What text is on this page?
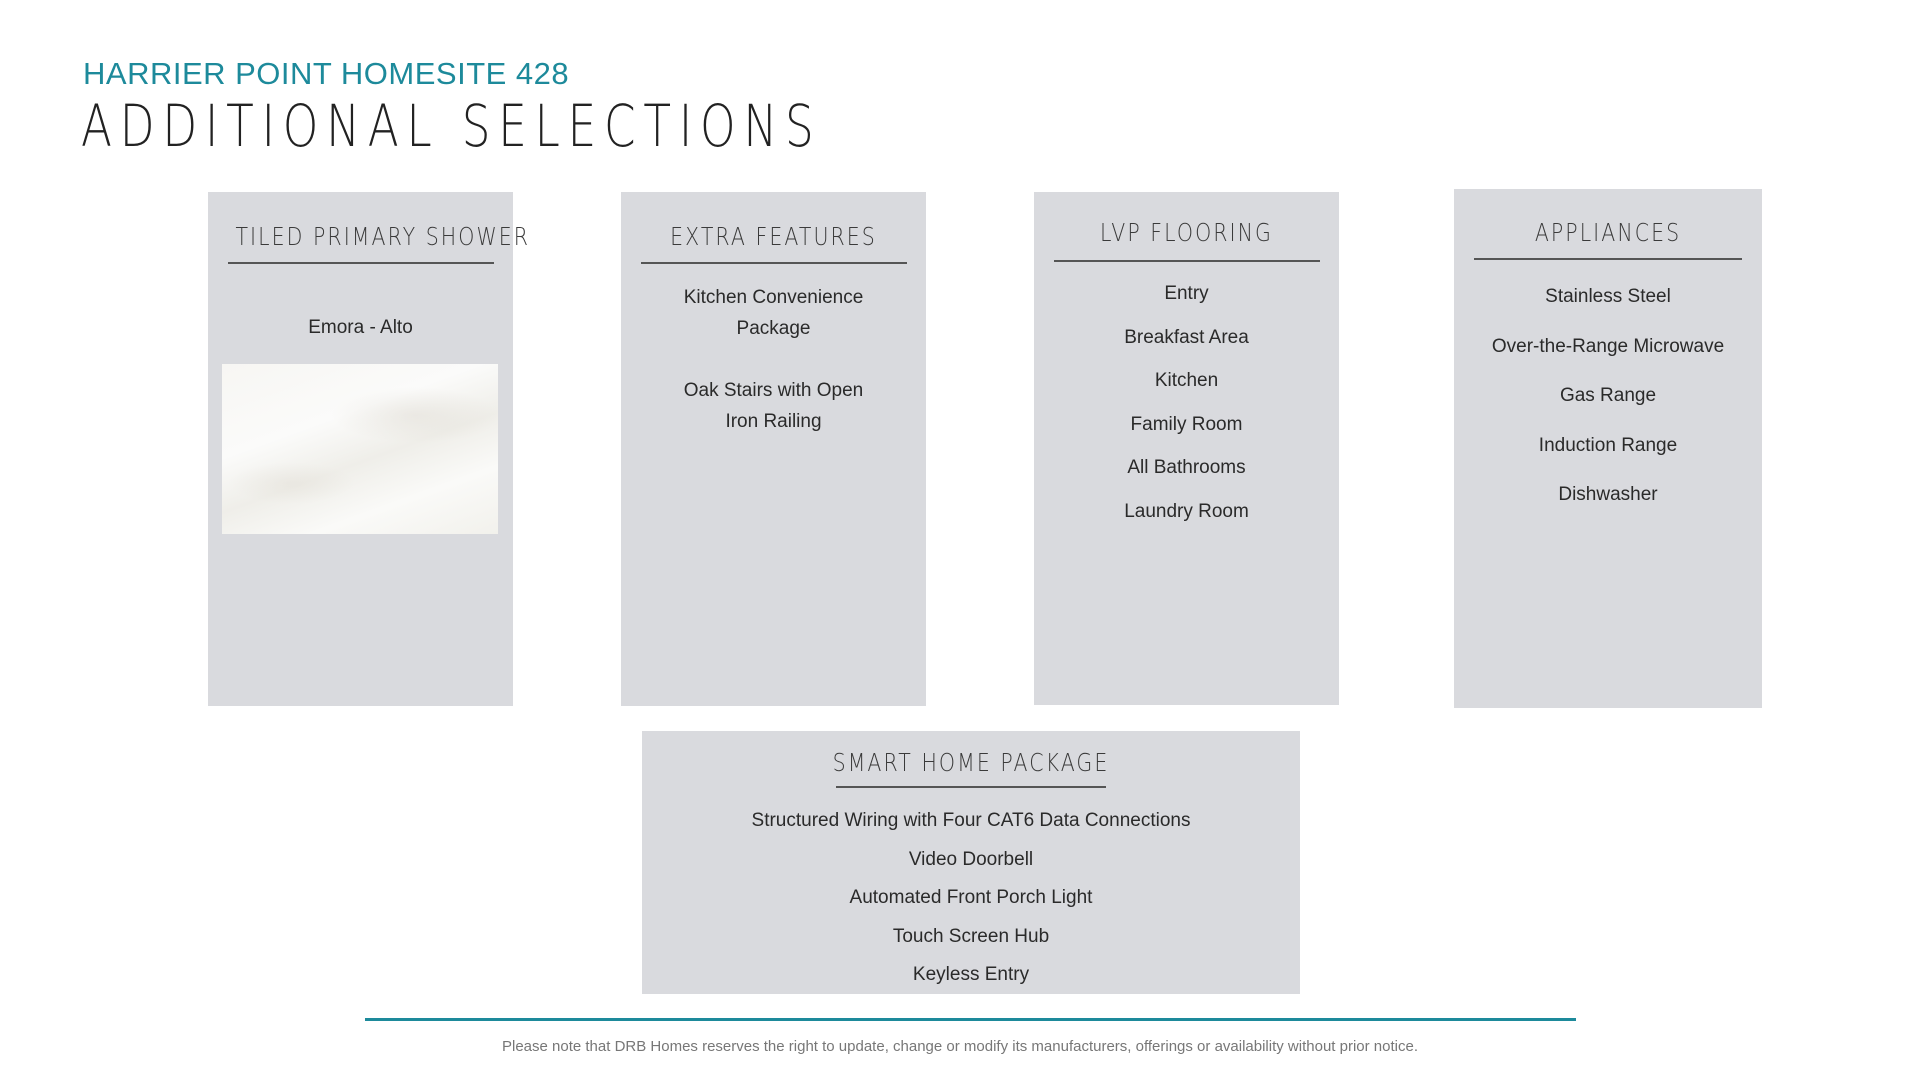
HARRIER POINT HOMESITE 428
ADDITIONAL SELECTIONS
TILED PRIMARY SHOWER

Emora - Alto

EXTRA FEATURES

Kitchen Convenience Package

Oak Stairs with Open Iron Railing

LVP FLOORING

Entry

Breakfast Area

Kitchen

Family Room

All Bathrooms

Laundry Room

APPLIANCES

Stainless Steel

Over-the-Range Microwave

Gas Range

Induction Range

Dishwasher

SMART HOME PACKAGE

Structured Wiring with Four CAT6 Data Connections

Video Doorbell

Automated Front Porch Light

Touch Screen Hub

Keyless Entry

Please note that DRB Homes reserves the right to update, change or modify its manufacturers, offerings or availability without prior notice.
